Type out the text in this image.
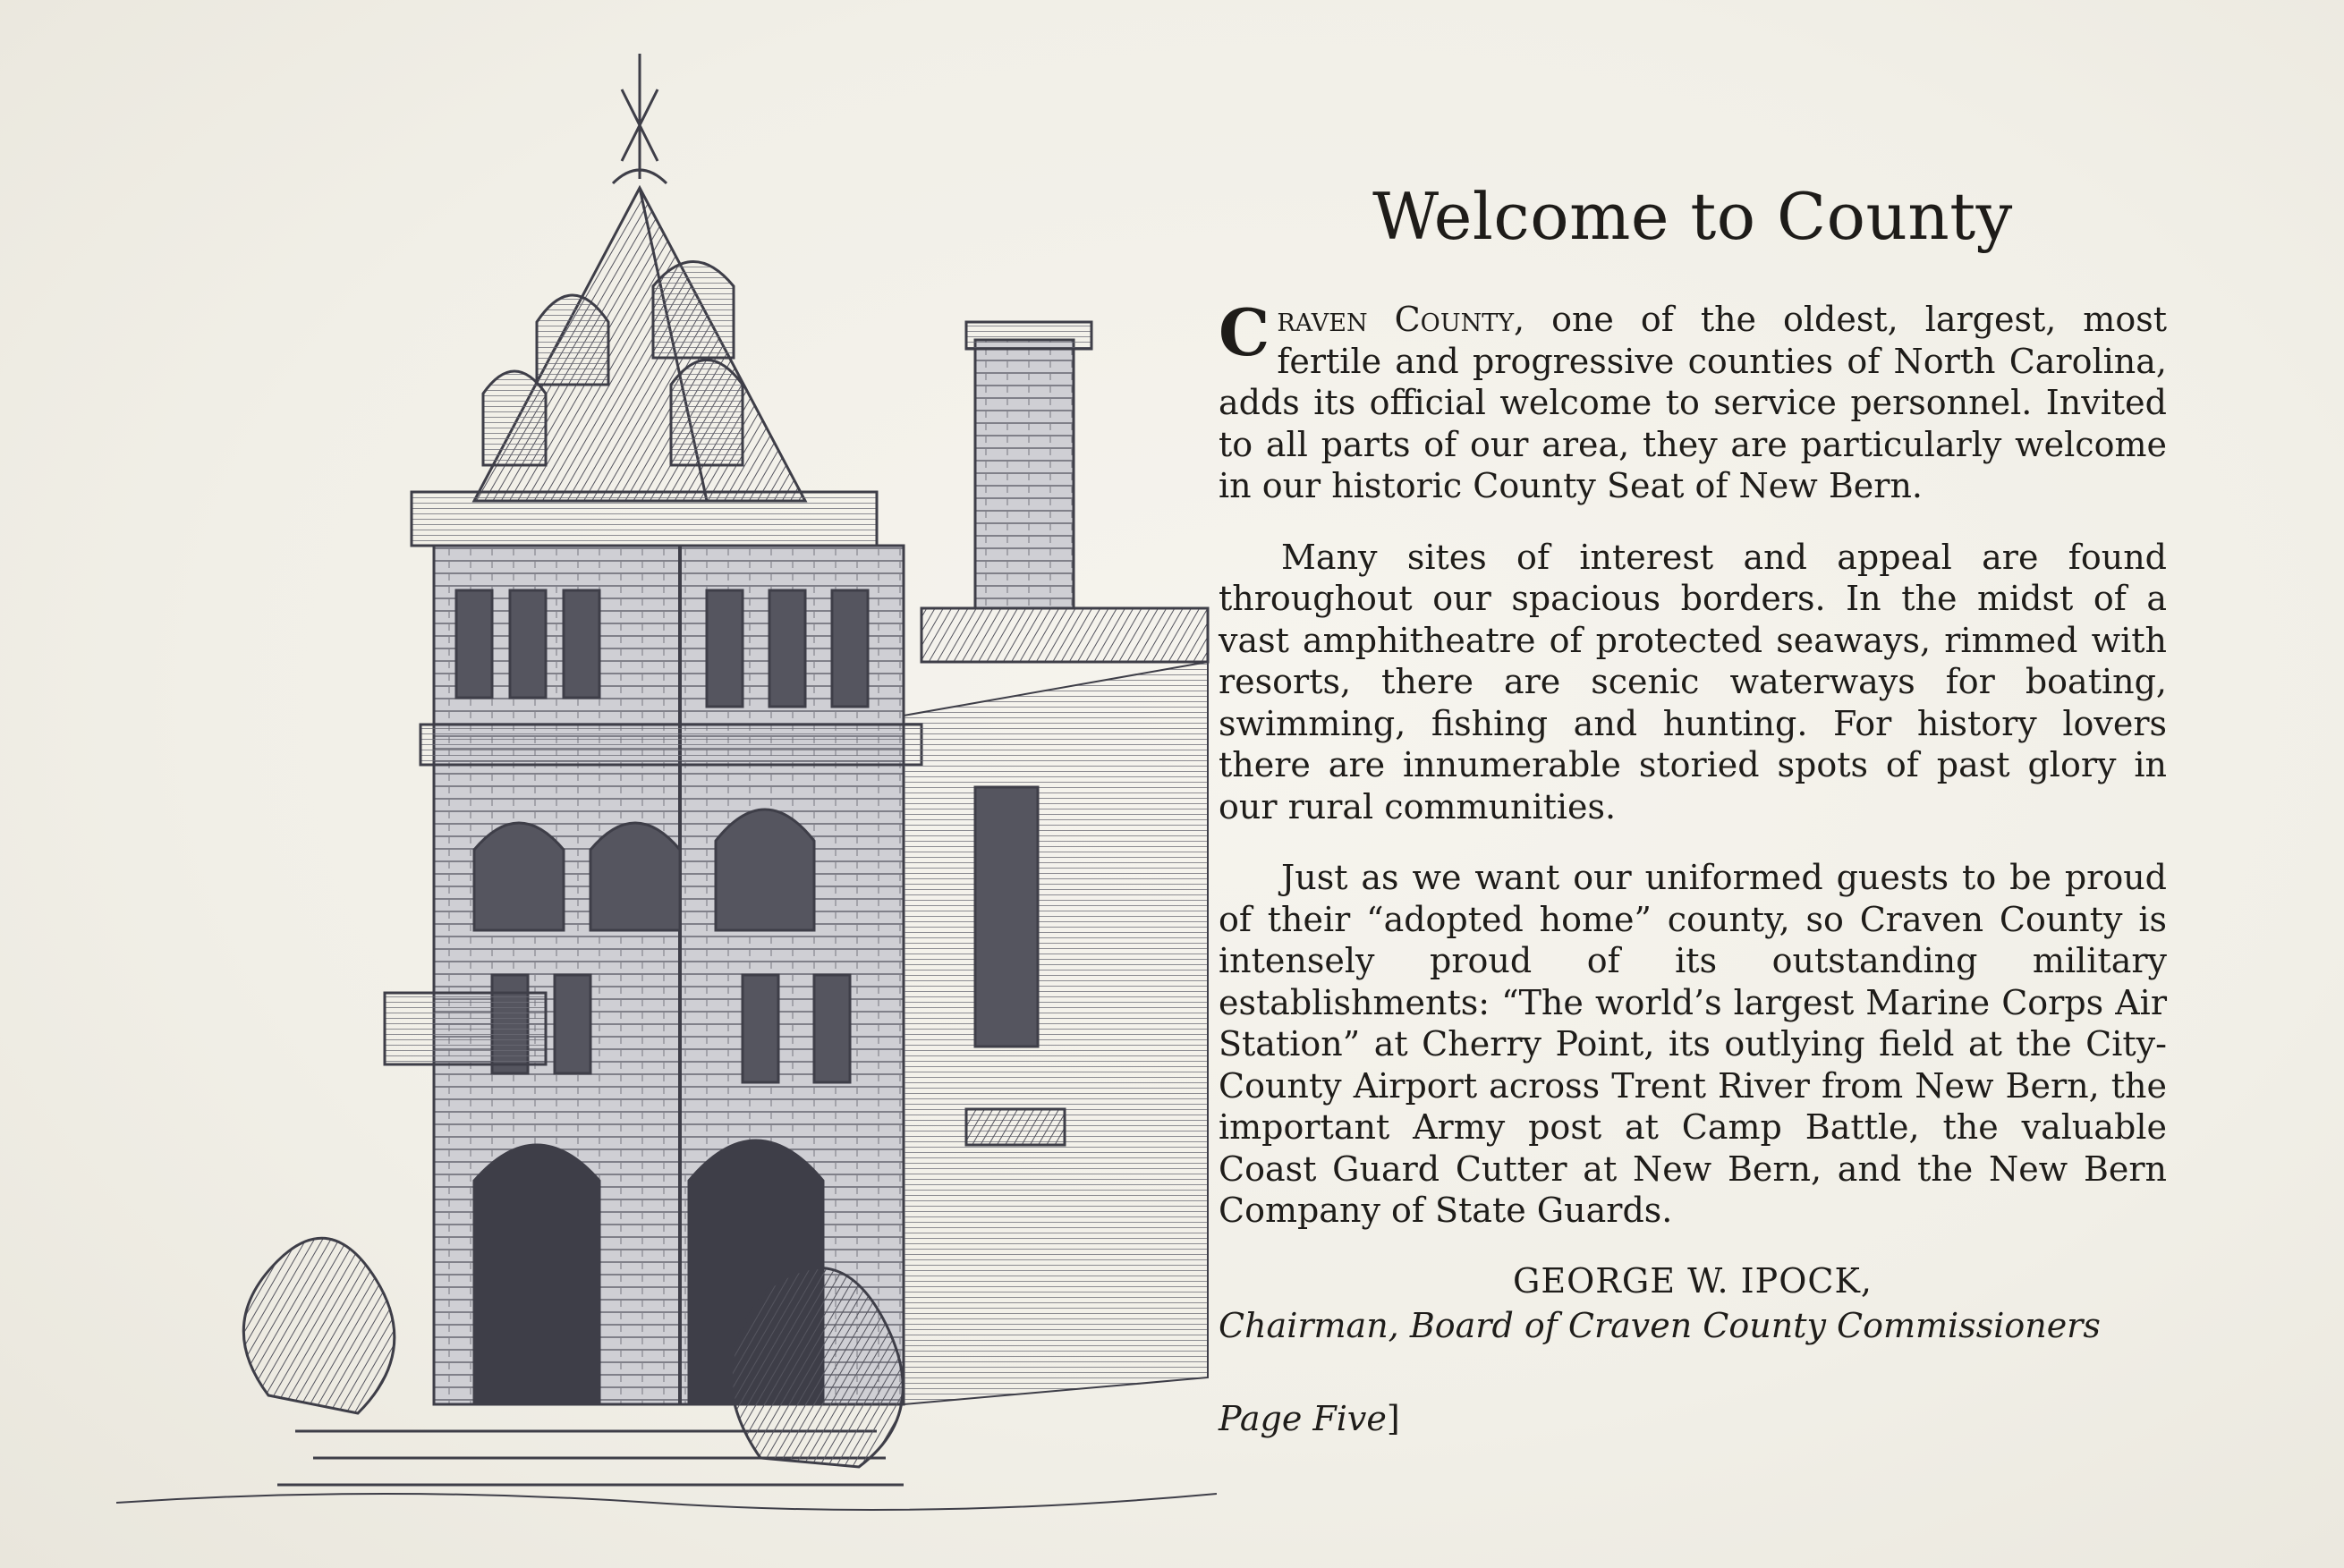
Welcome to County

Craven County, one of the oldest, largest, most fertile and progressive counties of North Carolina, adds its official welcome to service personnel. Invited to all parts of our area, they are particularly welcome in our historic County Seat of New Bern.

Many sites of interest and appeal are found throughout our spacious borders. In the midst of a vast amphitheatre of protected seaways, rimmed with resorts, there are scenic waterways for boating, swimming, fishing and hunting. For history lovers there are innumerable storied spots of past glory in our rural communities.

Just as we want our uniformed guests to be proud of their “adopted home” county, so Craven County is intensely proud of its outstanding military establishments: “The world’s largest Marine Corps Air Station” at Cherry Point, its outlying field at the City-County Airport across Trent River from New Bern, the important Army post at Camp Battle, the valuable Coast Guard Cutter at New Bern, and the New Bern Company of State Guards.

GEORGE W. IPOCK,

Chairman, Board of Craven County Commissioners

Page Five]
